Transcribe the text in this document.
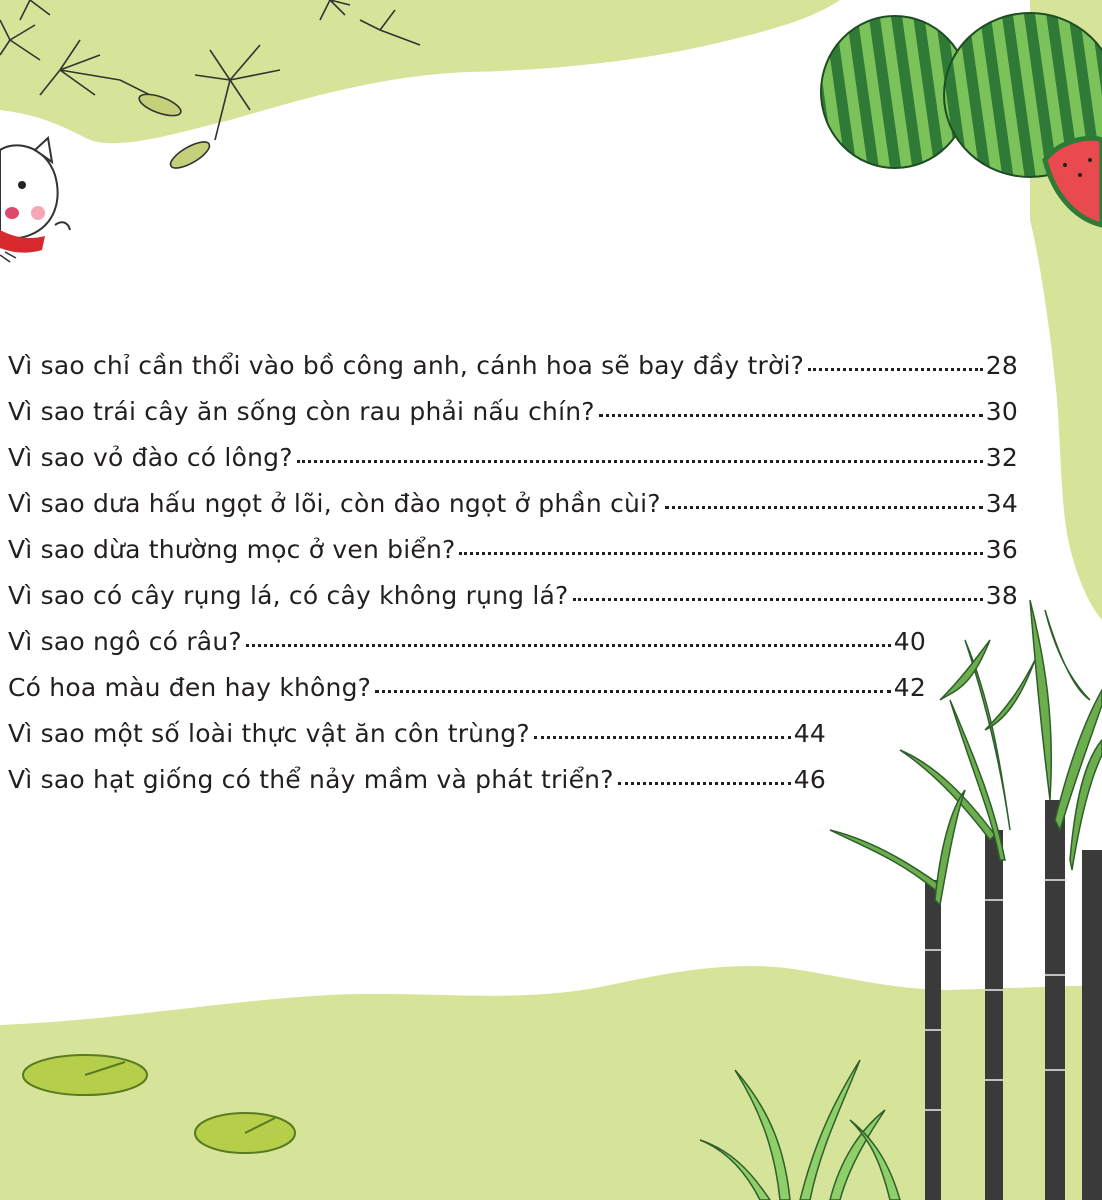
Vì sao chỉ cần thổi vào bồ công anh, cánh hoa sẽ bay đầy trời?	28
Vì sao trái cây ăn sống còn rau phải nấu chín?	30
Vì sao vỏ đào có lông?	32
Vì sao dưa hấu ngọt ở lõi, còn đào ngọt ở phần cùi?	34
Vì sao dừa thường mọc ở ven biển?	36
Vì sao có cây rụng lá, có cây không rụng lá?	38
Vì sao ngô có râu?	40
Có hoa màu đen hay không?	42
Vì sao một số loài thực vật ăn côn trùng?	44
Vì sao hạt giống có thể nảy mầm và phát triển?	46
